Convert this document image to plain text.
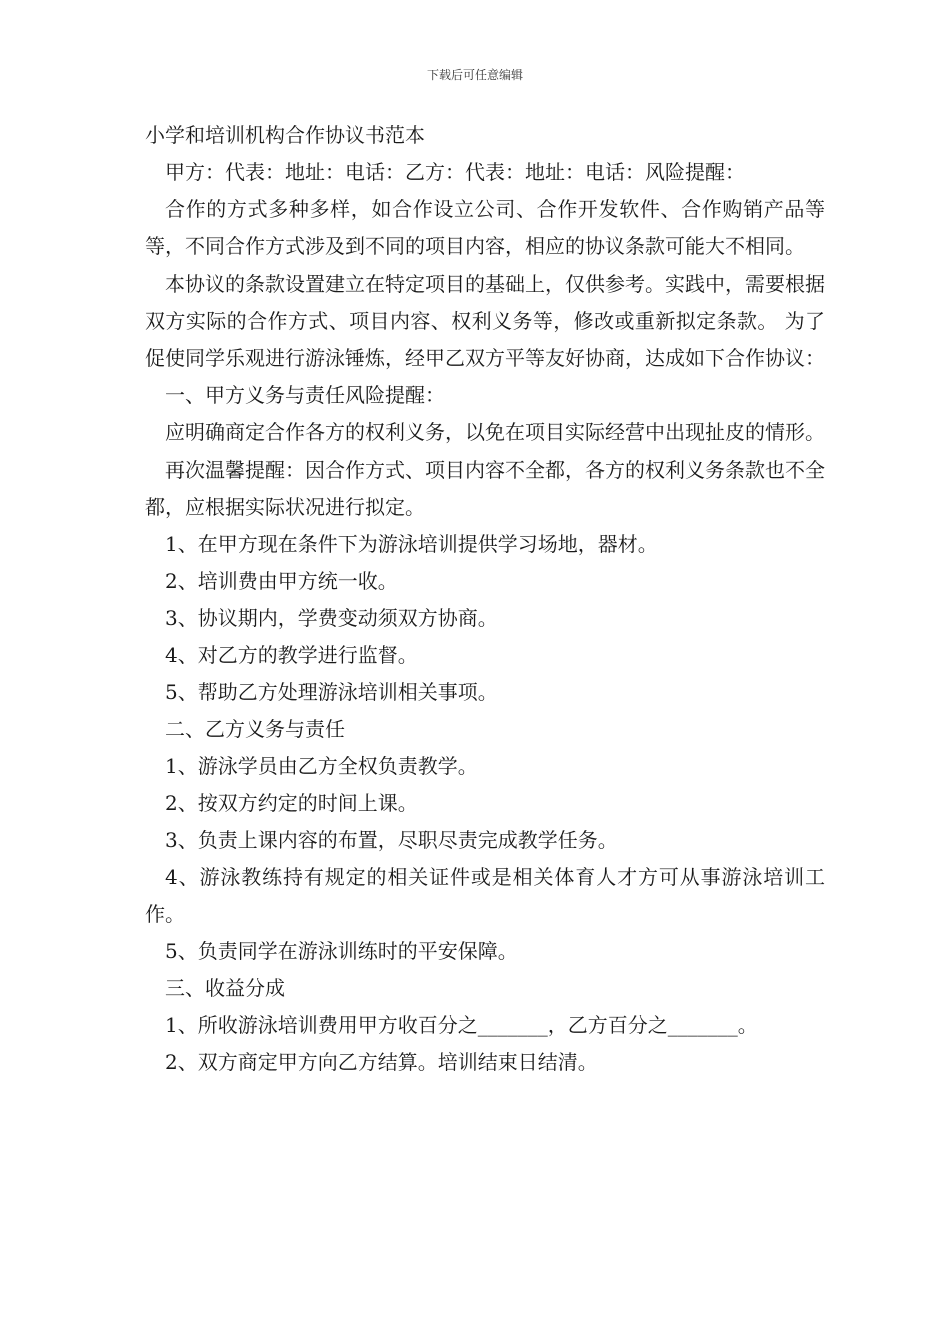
下载后可任意编辑

小学和培训机构合作协议书范本

甲方：代表：地址：电话：乙方：代表：地址：电话：风险提醒：

合作的方式多种多样，如合作设立公司、合作开发软件、合作购销产品等等，不同合作方式涉及到不同的项目内容，相应的协议条款可能大不相同。

本协议的条款设置建立在特定项目的基础上，仅供参考。实践中，需要根据双方实际的合作方式、项目内容、权利义务等，修改或重新拟定条款。 为了促使同学乐观进行游泳锤炼，经甲乙双方平等友好协商，达成如下合作协议：

一、甲方义务与责任风险提醒：

应明确商定合作各方的权利义务，以免在项目实际经营中出现扯皮的情形。

再次温馨提醒：因合作方式、项目内容不全都，各方的权利义务条款也不全都，应根据实际状况进行拟定。

1、在甲方现在条件下为游泳培训提供学习场地，器材。

2、培训费由甲方统一收。

3、协议期内，学费变动须双方协商。

4、对乙方的教学进行监督。

5、帮助乙方处理游泳培训相关事项。

二、乙方义务与责任

1、游泳学员由乙方全权负责教学。

2、按双方约定的时间上课。

3、负责上课内容的布置，尽职尽责完成教学任务。

4、游泳教练持有规定的相关证件或是相关体育人才方可从事游泳培训工作。

5、负责同学在游泳训练时的平安保障。

三、收益分成

1、所收游泳培训费用甲方收百分之_______，乙方百分之_______。

2、双方商定甲方向乙方结算。培训结束日结清。
